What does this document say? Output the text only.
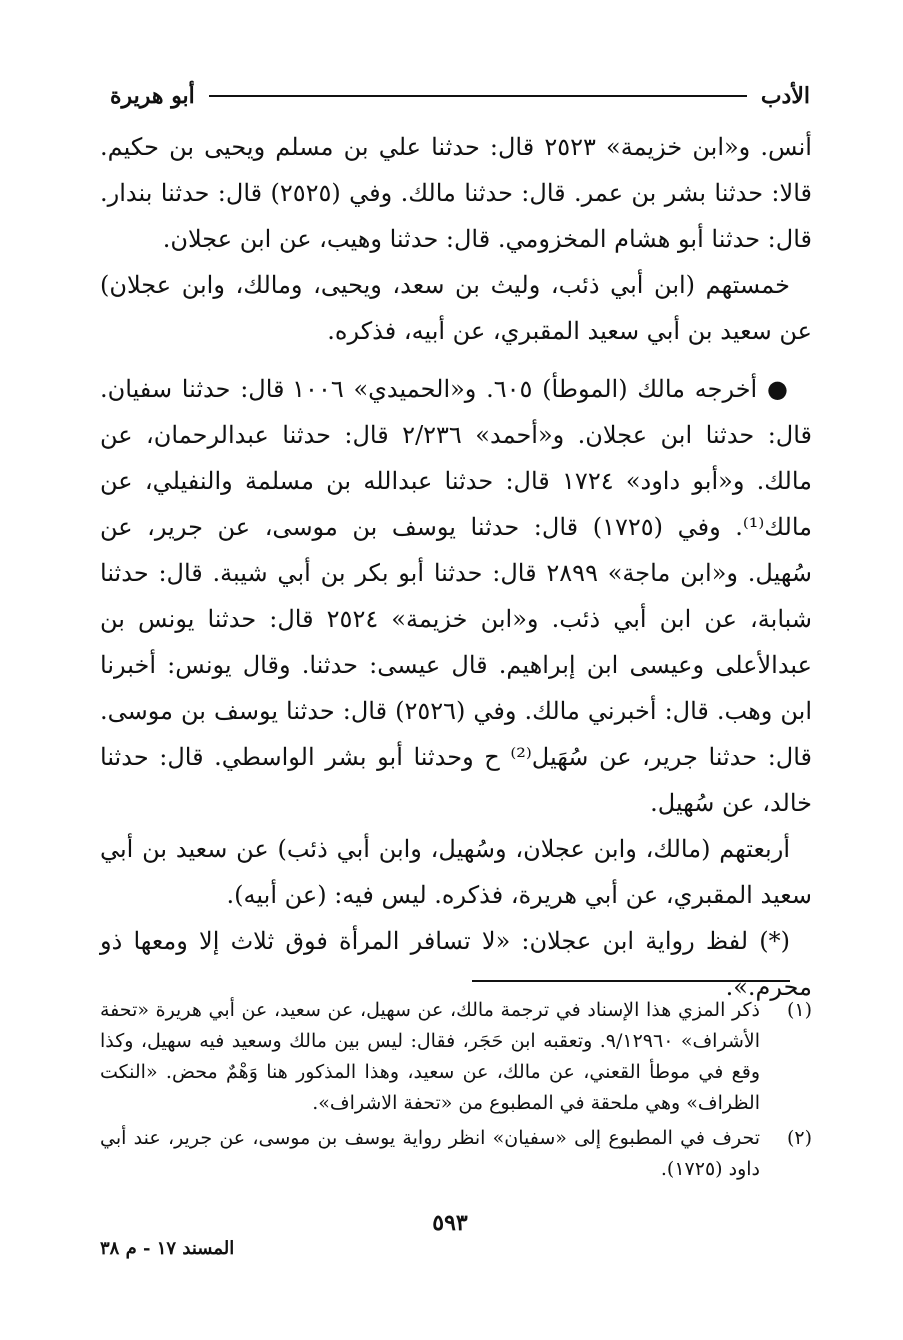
الأدب
أبو هريرة

أنس. و«ابن خزيمة» ٢٥٢٣ قال: حدثنا علي بن مسلم ويحيى بن حكيم. قالا: حدثنا بشر بن عمر. قال: حدثنا مالك. وفي (٢٥٢٥) قال: حدثنا بندار. قال: حدثنا أبو هشام المخزومي. قال: حدثنا وهيب، عن ابن عجلان.

خمستهم (ابن أبي ذئب، وليث بن سعد، ويحيى، ومالك، وابن عجلان) عن سعيد بن أبي سعيد المقبري، عن أبيه، فذكره.

● أخرجه مالك (الموطأ) ٦٠٥. و«الحميدي» ١٠٠٦ قال: حدثنا سفيان. قال: حدثنا ابن عجلان. و«أحمد» ٢/٢٣٦ قال: حدثنا عبدالرحمان، عن مالك. و«أبو داود» ١٧٢٤ قال: حدثنا عبدالله بن مسلمة والنفيلي، عن مالك⁽¹⁾. وفي (١٧٢٥) قال: حدثنا يوسف بن موسى، عن جرير، عن سُهيل. و«ابن ماجة» ٢٨٩٩ قال: حدثنا أبو بكر بن أبي شيبة. قال: حدثنا شبابة، عن ابن أبي ذئب. و«ابن خزيمة» ٢٥٢٤ قال: حدثنا يونس بن عبدالأعلى وعيسى ابن إبراهيم. قال عيسى: حدثنا. وقال يونس: أخبرنا ابن وهب. قال: أخبرني مالك. وفي (٢٥٢٦) قال: حدثنا يوسف بن موسى. قال: حدثنا جرير، عن سُهَيل⁽²⁾ ح وحدثنا أبو بشر الواسطي. قال: حدثنا خالد، عن سُهيل.

أربعتهم (مالك، وابن عجلان، وسُهيل، وابن أبي ذئب) عن سعيد بن أبي سعيد المقبري، عن أبي هريرة، فذكره. ليس فيه: (عن أبيه).

(*) لفظ رواية ابن عجلان: «لا تسافر المرأة فوق ثلاث إلا ومعها ذو محرم.».

(١)
ذكر المزي هذا الإسناد في ترجمة مالك، عن سهيل، عن سعيد، عن أبي هريرة «تحفة الأشراف» ٩/١٢٩٦٠. وتعقبه ابن حَجَر، فقال: ليس بين مالك وسعيد فيه سهيل، وكذا وقع في موطأ القعني، عن مالك، عن سعيد، وهذا المذكور هنا وَهْمٌ محض. «النكت الظراف» وهي ملحقة في المطبوع من «تحفة الاشراف».
(٢)
تحرف في المطبوع إلى «سفيان» انظر رواية يوسف بن موسى، عن جرير، عند أبي داود (١٧٢٥).
٥٩٣
المسند ١٧ - م ٣٨
